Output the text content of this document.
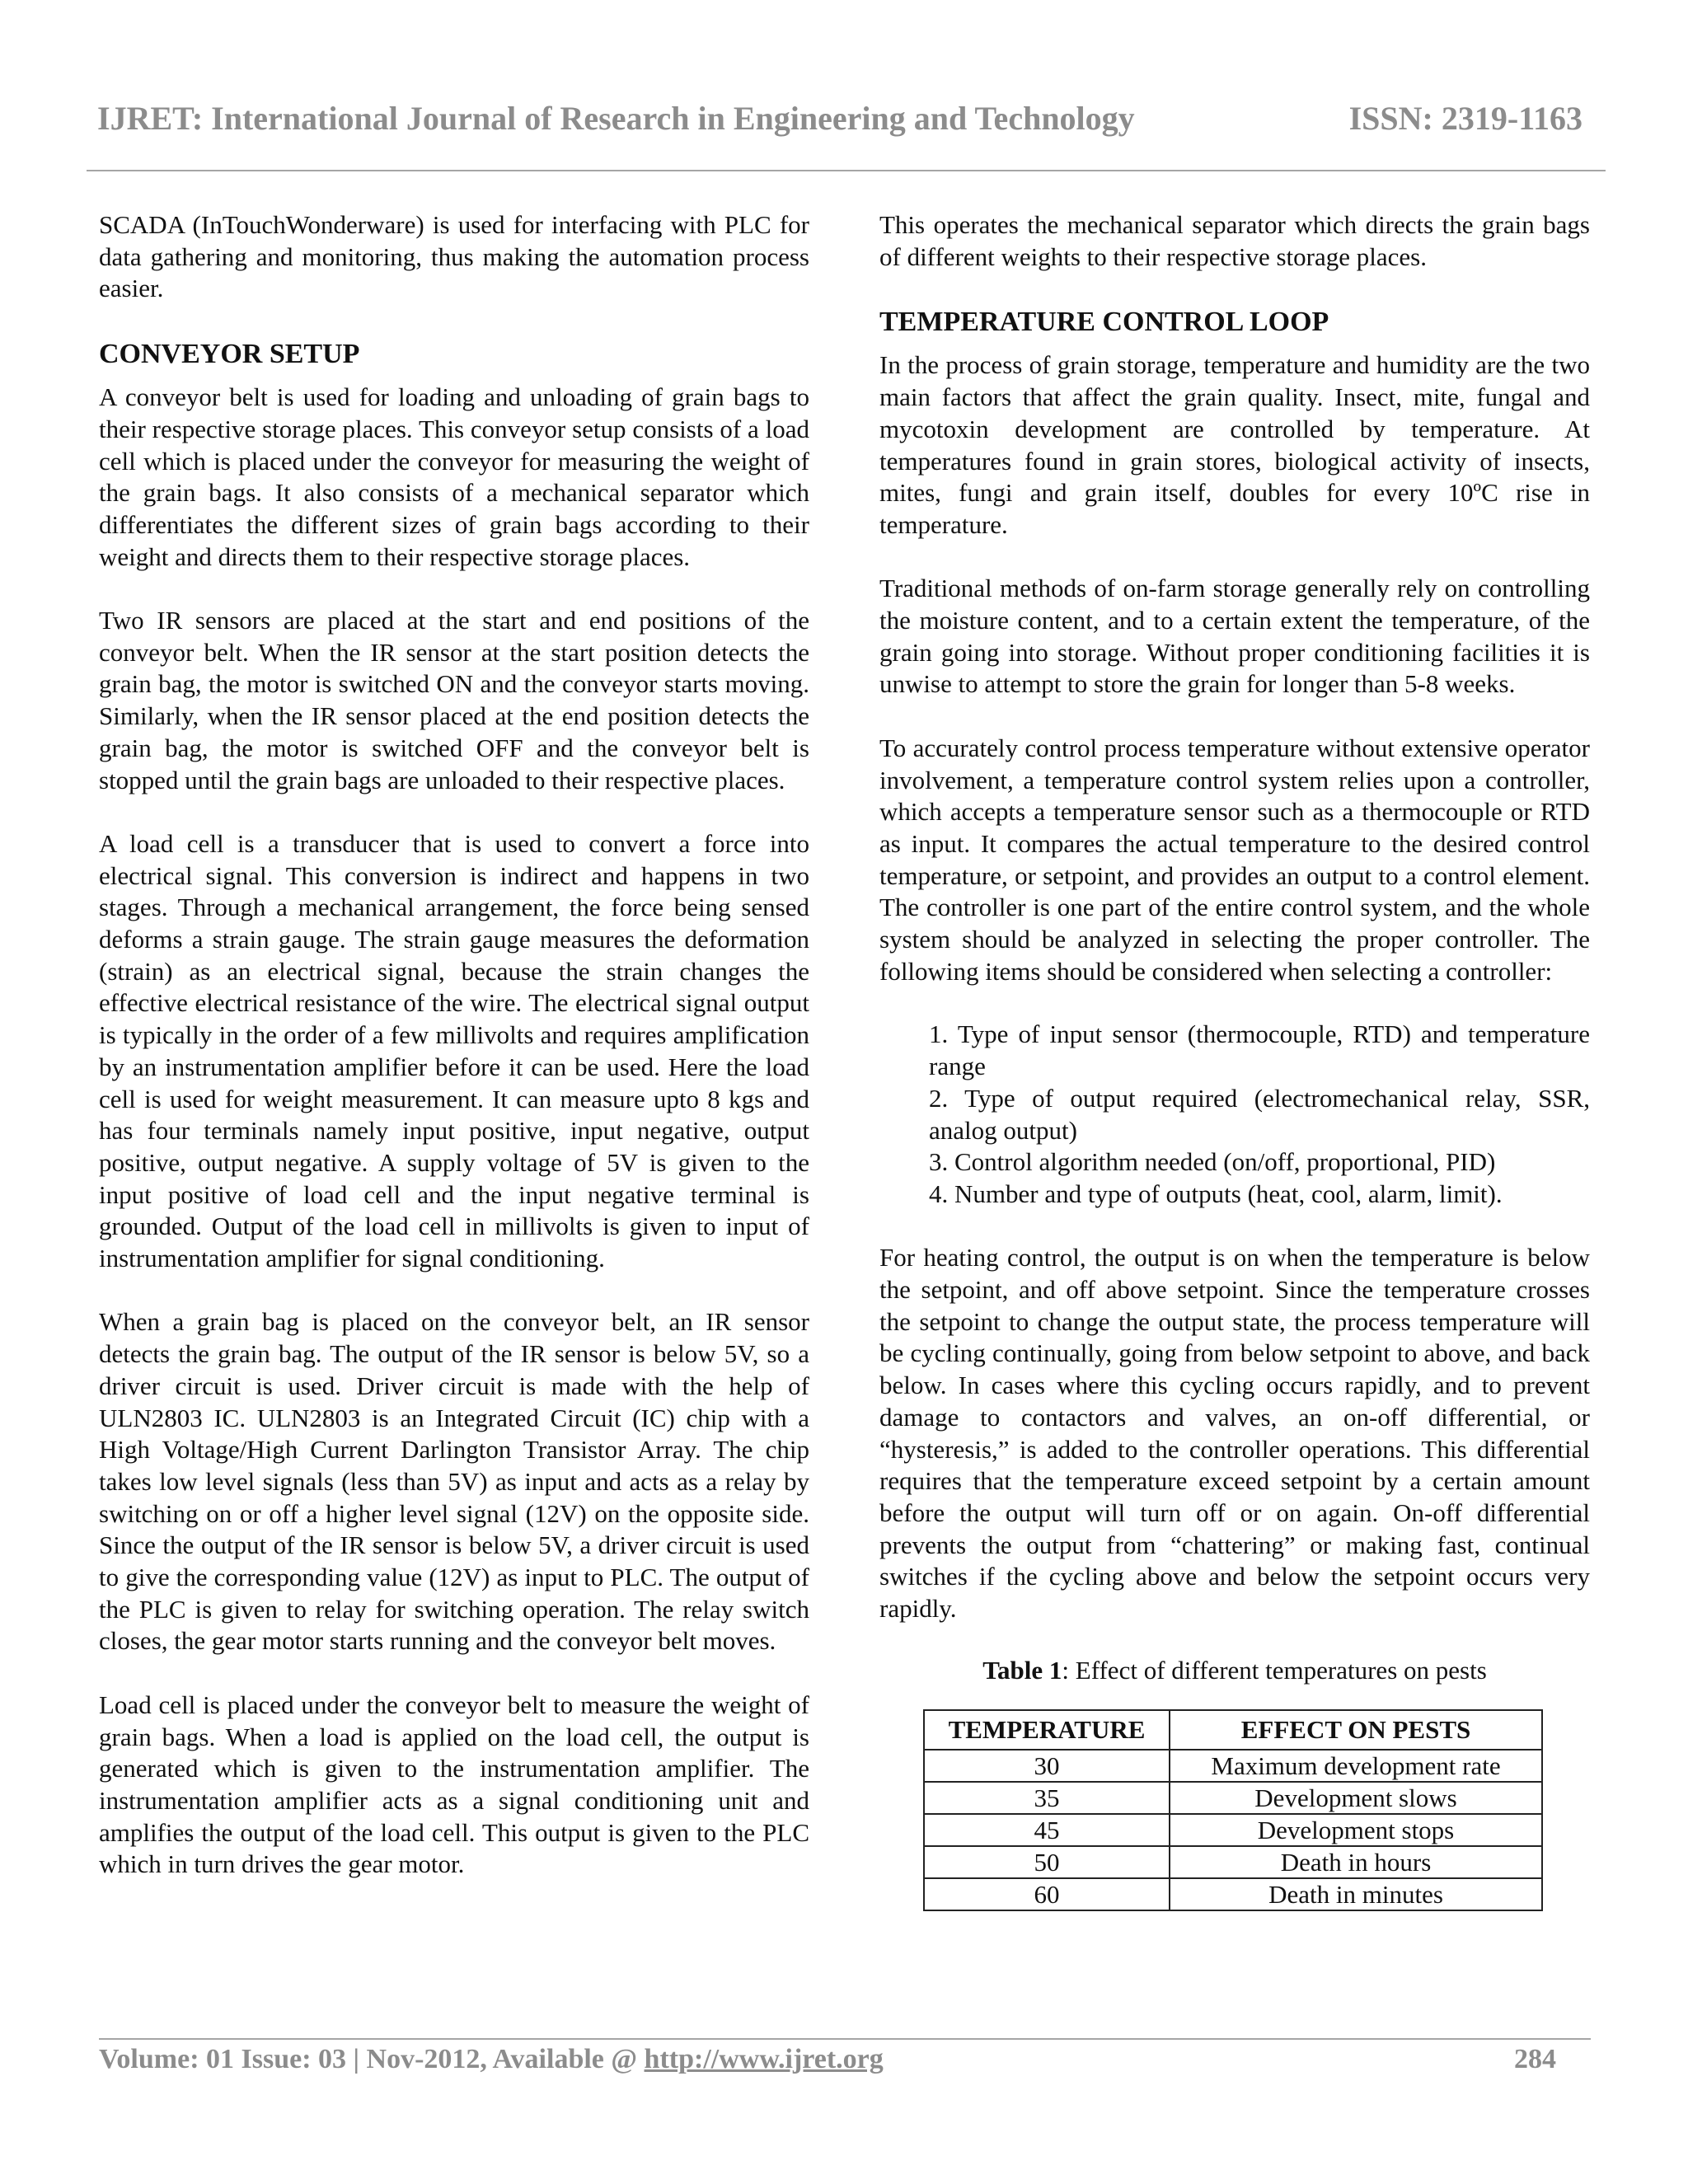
IJRET: International Journal of Research in Engineering and Technology	ISSN: 2319-1163

SCADA (InTouchWonderware) is used for interfacing with PLC for data gathering and monitoring, thus making the automation process easier.

CONVEYOR SETUP

A conveyor belt is used for loading and unloading of grain bags to their respective storage places. This conveyor setup consists of a load cell which is placed under the conveyor for measuring the weight of the grain bags. It also consists of a mechanical separator which differentiates the different sizes of grain bags according to their weight and directs them to their respective storage places.

Two IR sensors are placed at the start and end positions of the conveyor belt. When the IR sensor at the start position detects the grain bag, the motor is switched ON and the conveyor starts moving. Similarly, when the IR sensor placed at the end position detects the grain bag, the motor is switched OFF and the conveyor belt is stopped until the grain bags are unloaded to their respective places.

A load cell is a transducer that is used to convert a force into electrical signal. This conversion is indirect and happens in two stages. Through a mechanical arrangement, the force being sensed deforms a strain gauge. The strain gauge measures the deformation (strain) as an electrical signal, because the strain changes the effective electrical resistance of the wire. The electrical signal output is typically in the order of a few millivolts and requires amplification by an instrumentation amplifier before it can be used. Here the load cell is used for weight measurement. It can measure upto 8 kgs and has four terminals namely input positive, input negative, output positive, output negative. A supply voltage of 5V is given to the input positive of load cell and the input negative terminal is grounded. Output of the load cell in millivolts is given to input of instrumentation amplifier for signal conditioning.

When a grain bag is placed on the conveyor belt, an IR sensor detects the grain bag. The output of the IR sensor is below 5V, so a driver circuit is used. Driver circuit is made with the help of ULN2803 IC. ULN2803 is an Integrated Circuit (IC) chip with a High Voltage/High Current Darlington Transistor Array. The chip takes low level signals (less than 5V) as input and acts as a relay by switching on or off a higher level signal (12V) on the opposite side. Since the output of the IR sensor is below 5V, a driver circuit is used to give the corresponding value (12V) as input to PLC. The output of the PLC is given to relay for switching operation. The relay switch closes, the gear motor starts running and the conveyor belt moves.

Load cell is placed under the conveyor belt to measure the weight of grain bags. When a load is applied on the load cell, the output is generated which is given to the instrumentation amplifier. The instrumentation amplifier acts as a signal conditioning unit and amplifies the output of the load cell. This output is given to the PLC which in turn drives the gear motor.

This operates the mechanical separator which directs the grain bags of different weights to their respective storage places.

TEMPERATURE CONTROL LOOP

In the process of grain storage, temperature and humidity are the two main factors that affect the grain quality. Insect, mite, fungal and mycotoxin development are controlled by temperature. At temperatures found in grain stores, biological activity of insects, mites, fungi and grain itself, doubles for every 10ºC rise in temperature.

Traditional methods of on-farm storage generally rely on controlling the moisture content, and to a certain extent the temperature, of the grain going into storage. Without proper conditioning facilities it is unwise to attempt to store the grain for longer than 5-8 weeks.

To accurately control process temperature without extensive operator involvement, a temperature control system relies upon a controller, which accepts a temperature sensor such as a thermocouple or RTD as input. It compares the actual temperature to the desired control temperature, or setpoint, and provides an output to a control element. The controller is one part of the entire control system, and the whole system should be analyzed in selecting the proper controller. The following items should be considered when selecting a controller:

1. Type of input sensor (thermocouple, RTD) and temperature range
2. Type of output required (electromechanical relay, SSR, analog output)
3. Control algorithm needed (on/off, proportional, PID)
4. Number and type of outputs (heat, cool, alarm, limit).

For heating control, the output is on when the temperature is below the setpoint, and off above setpoint. Since the temperature crosses the setpoint to change the output state, the process temperature will be cycling continually, going from below setpoint to above, and back below. In cases where this cycling occurs rapidly, and to prevent damage to contactors and valves, an on-off differential, or “hysteresis,” is added to the controller operations. This differential requires that the temperature exceed setpoint by a certain amount before the output will turn off or on again. On-off differential prevents the output from “chattering” or making fast, continual switches if the cycling above and below the setpoint occurs very rapidly.

Table 1: Effect of different temperatures on pests
TEMPERATURE	EFFECT ON PESTS
30	Maximum development rate
35	Development slows
45	Development stops
50	Death in hours
60	Death in minutes
Volume: 01 Issue: 03 | Nov-2012, Available @ http://www.ijret.org	284
